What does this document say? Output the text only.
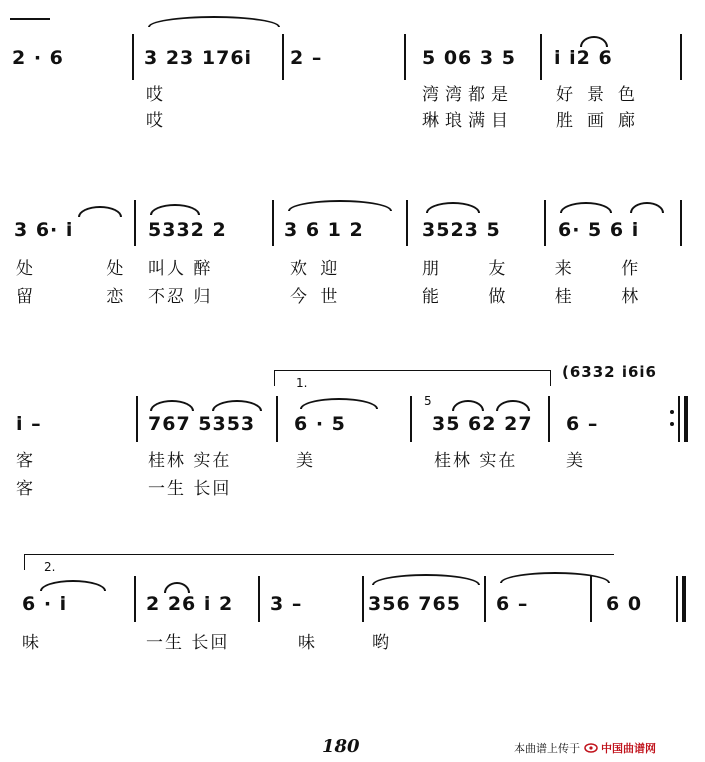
2 · 6	3 23 176i 2 –	5 06 3 5 i i2 6
哎	湾湾都是 好景色
哎	琳琅满目 胜画廊
3 6· i	5332 2	3 6 1 2	3523 5	6· 5 6 i
处 处
叫人 醉	欢 迎	朋 友 来 作
留 恋
不忍 归	今 世	能 做 桂 林
1.
(6332 i6i6
i –	767 5353 6 · 5
5
35 62 27 6 –
客	桂林 实在	美	桂林 实在	美
客	一生 长回
2.
6 · i	2 26 i 2 3 –	356 765 6 –	6 0
味	一生 长回	味	哟
180	本曲谱上传于 中国曲谱网
